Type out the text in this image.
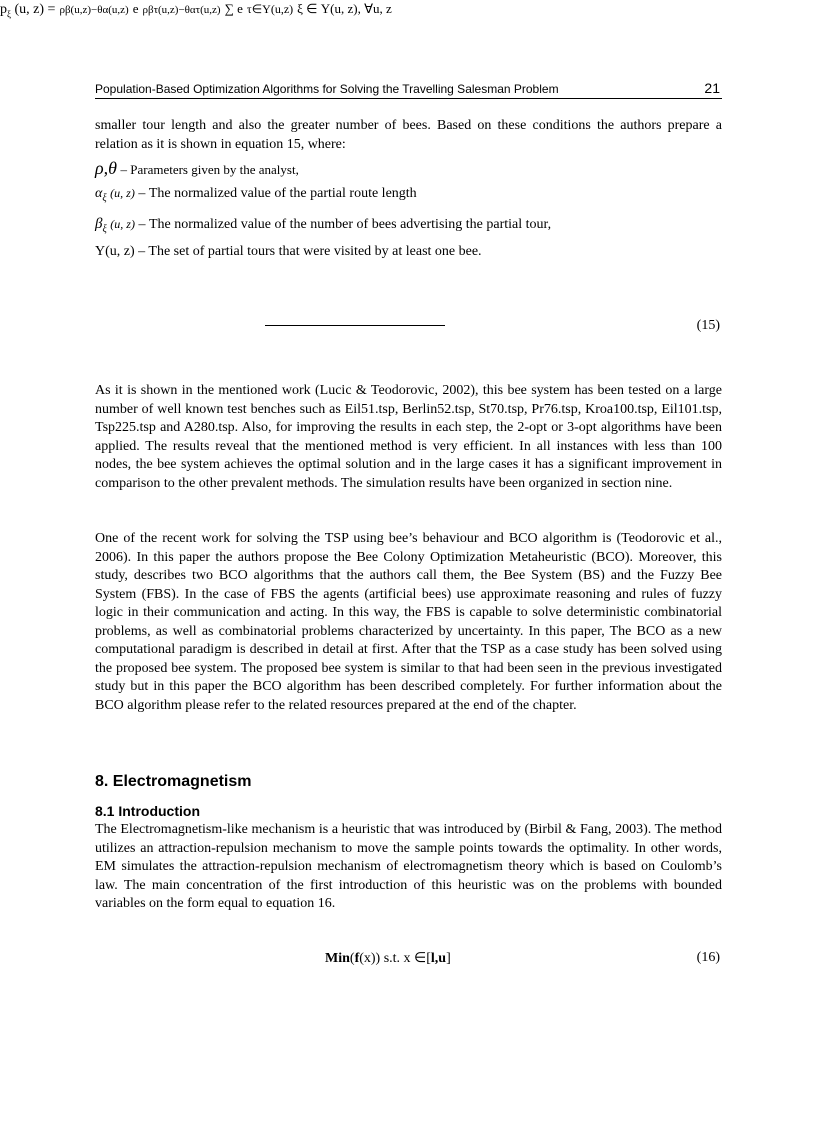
Population-Based Optimization Algorithms for Solving the Travelling Salesman Problem	21

smaller tour length and also the greater number of bees. Based on these conditions the authors prepare a relation as it is shown in equation 15, where:

ρ,θ – Parameters given by the analyst,
$\alpha_\xi$ (u, z) – The normalized value of the partial route length
$\beta_\xi$ (u, z) – The normalized value of the number of bees advertising the partial tour,
Y(u, z) – The set of partial tours that were visited by at least one bee.
$p_\xi$ (u, z) = ρβ(u,z)−θα(u,z) e ρβτ(u,z)−θατ(u,z) ∑ e τ∈Y(u,z) ξ ∈ Y(u, z), ∀u, z
(15)

As it is shown in the mentioned work (Lucic & Teodorovic, 2002), this bee system has been tested on a large number of well known test benches such as Eil51.tsp, Berlin52.tsp, St70.tsp, Pr76.tsp, Kroa100.tsp, Eil101.tsp, Tsp225.tsp and A280.tsp. Also, for improving the results in each step, the 2-opt or 3-opt algorithms have been applied. The results reveal that the mentioned method is very efficient. In all instances with less than 100 nodes, the bee system achieves the optimal solution and in the large cases it has a significant improvement in comparison to the other prevalent methods. The simulation results have been organized in section nine.

One of the recent work for solving the TSP using bee’s behaviour and BCO algorithm is (Teodorovic et al., 2006). In this paper the authors propose the Bee Colony Optimization Metaheuristic (BCO). Moreover, this study, describes two BCO algorithms that the authors call them, the Bee System (BS) and the Fuzzy Bee System (FBS). In the case of FBS the agents (artificial bees) use approximate reasoning and rules of fuzzy logic in their communication and acting. In this way, the FBS is capable to solve deterministic combinatorial problems, as well as combinatorial problems characterized by uncertainty. In this paper, The BCO as a new computational paradigm is described in detail at first. After that the TSP as a case study has been solved using the proposed bee system. The proposed bee system is similar to that had been seen in the previous investigated study but in this paper the BCO algorithm has been described completely. For further information about the BCO algorithm please refer to the related resources prepared at the end of the chapter.

8. Electromagnetism
8.1 Introduction

The Electromagnetism-like mechanism is a heuristic that was introduced by (Birbil & Fang, 2003). The method utilizes an attraction-repulsion mechanism to move the sample points towards the optimality. In other words, EM simulates the attraction-repulsion mechanism of electromagnetism theory which is based on Coulomb’s law. The main concentration of the first introduction of this heuristic was on the problems with bounded variables on the form equal to equation 16.

Min(f(x)) s.t. x ∈[l,u]	(16)
